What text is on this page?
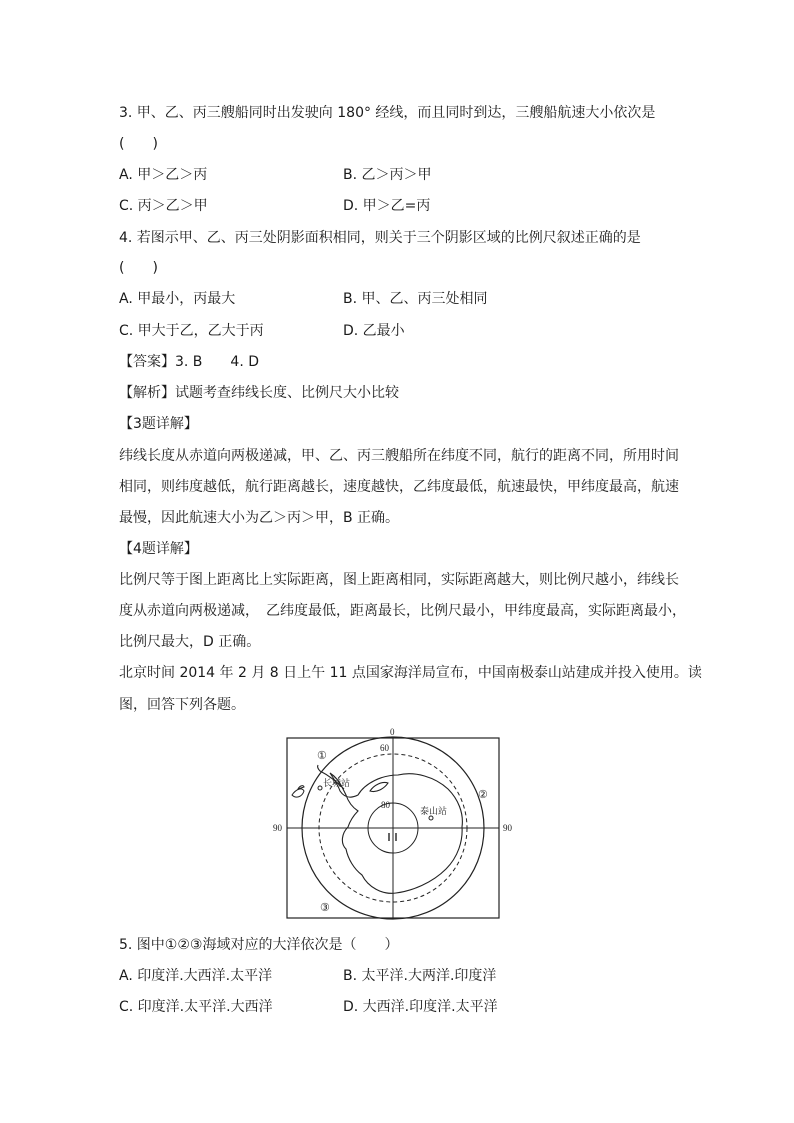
3. 甲、乙、丙三艘船同时出发驶向 180° 经线，而且同时到达，三艘船航速大小依次是
(　　)
A. 甲＞乙＞丙	B. 乙＞丙＞甲
C. 丙＞乙＞甲	D. 甲＞乙=丙
4. 若图示甲、乙、丙三处阴影面积相同，则关于三个阴影区域的比例尺叙述正确的是
(　　)
A. 甲最小，丙最大	B. 甲、乙、丙三处相同
C. 甲大于乙，乙大于丙	D. 乙最小
【答案】3. B　　4. D
【解析】试题考查纬线长度、比例尺大小比较
【3题详解】
纬线长度从赤道向两极递减，甲、乙、丙三艘船所在纬度不同，航行的距离不同，所用时间
相同，则纬度越低，航行距离越长，速度越快，乙纬度最低，航速最快，甲纬度最高，航速
最慢，因此航速大小为乙＞丙＞甲，B 正确。
【4题详解】
比例尺等于图上距离比上实际距离，图上距离相同，实际距离越大，则比例尺越小，纬线长
度从赤道向两极递减，　乙纬度最低，距离最长，比例尺最小，甲纬度最高，实际距离最小，
比例尺最大，D 正确。
北京时间 2014 年 2 月 8 日上午 11 点国家海洋局宣布，中国南极泰山站建成并投入使用。读
图，回答下列各题。
0
90	90
60
80
①
②
③
长城站
泰山站
5. 图中①②③海域对应的大洋依次是（　　）
A. 印度洋.大西洋.太平洋	B. 太平洋.大两洋.印度洋
C. 印度洋.太平洋.大西洋	D. 大西洋.印度洋.太平洋
